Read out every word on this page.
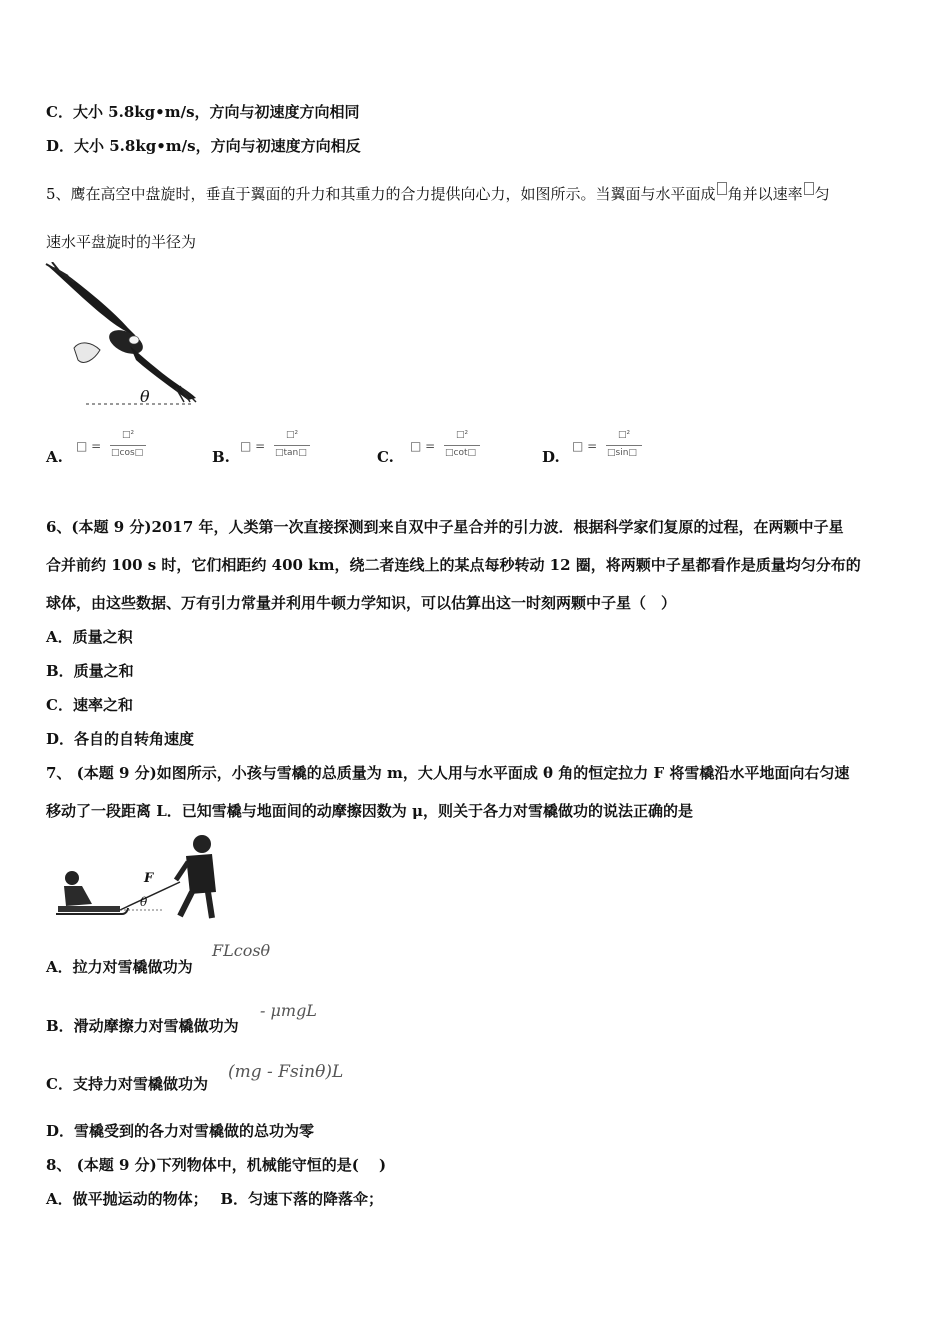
C．大小 5.8kg•m/s，方向与初速度方向相同
D．大小 5.8kg•m/s，方向与初速度方向相反
5、鹰在高空中盘旋时，垂直于翼面的升力和其重力的合力提供向心力，如图所示。当翼面与水平面成 角并以速率 匀
速水平盘旋时的半径为
θ
A.
□ =
□²
□cos□	B.
□ =
□²
□tan□	C.
□ =
□²
□cot□	D.
□ =
□²
□sin□
6、(本题 9 分)2017 年，人类第一次直接探测到来自双中子星合并的引力波．根据科学家们复原的过程，在两颗中子星
合并前约 100 s 时，它们相距约 400 km，绕二者连线上的某点每秒转动 12 圈，将两颗中子星都看作是质量均匀分布的
球体，由这些数据、万有引力常量并利用牛顿力学知识，可以估算出这一时刻两颗中子星（　）
A．质量之积
B．质量之和
C．速率之和
D．各自的自转角速度
7、 (本题 9 分)如图所示，小孩与雪橇的总质量为 m，大人用与水平面成 θ 角的恒定拉力 F 将雪橇沿水平地面向右匀速
移动了一段距离 L．已知雪橇与地面间的动摩擦因数为 μ，则关于各力对雪橇做功的说法正确的是
θ
F
A．拉力对雪橇做功为
FLcosθ
B．滑动摩擦力对雪橇做功为
- μmgL
C．支持力对雪橇做功为
(mg - Fsinθ)L
D．雪橇受到的各力对雪橇做的总功为零
8、 (本题 9 分)下列物体中，机械能守恒的是(　 )
A．做平抛运动的物体；　 B．匀速下落的降落伞；
